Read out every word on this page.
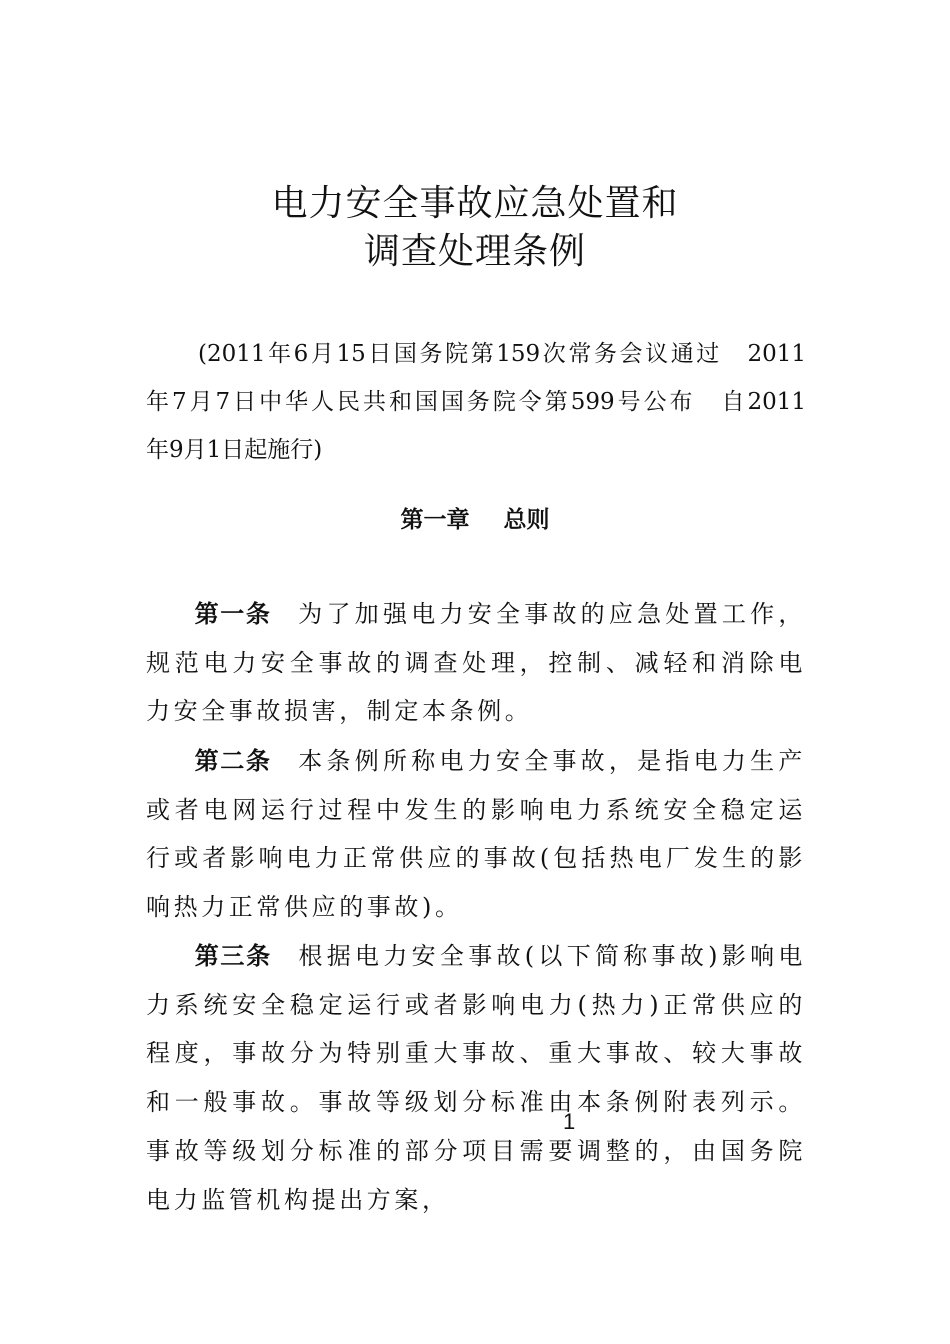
电力安全事故应急处置和
调查处理条例
(2011年6月15日国务院第159次常务会议通过　2011
年7月7日中华人民共和国国务院令第599号公布　自2011
年9月1日起施行)
第一章 总则
第一条 为了加强电力安全事故的应急处置工作，规范电力安全事故的调查处理，控制、减轻和消除电力安全事故损害，制定本条例。
第二条 本条例所称电力安全事故，是指电力生产或者电网运行过程中发生的影响电力系统安全稳定运行或者影响电力正常供应的事故(包括热电厂发生的影响热力正常供应的事故)。
第三条 根据电力安全事故(以下简称事故)影响电力系统安全稳定运行或者影响电力(热力)正常供应的程度，事故分为特别重大事故、重大事故、较大事故和一般事故。事故等级划分标准由本条例附表列示。事故等级划分标准的部分项目需要调整的，由国务院电力监管机构提出方案，
1
